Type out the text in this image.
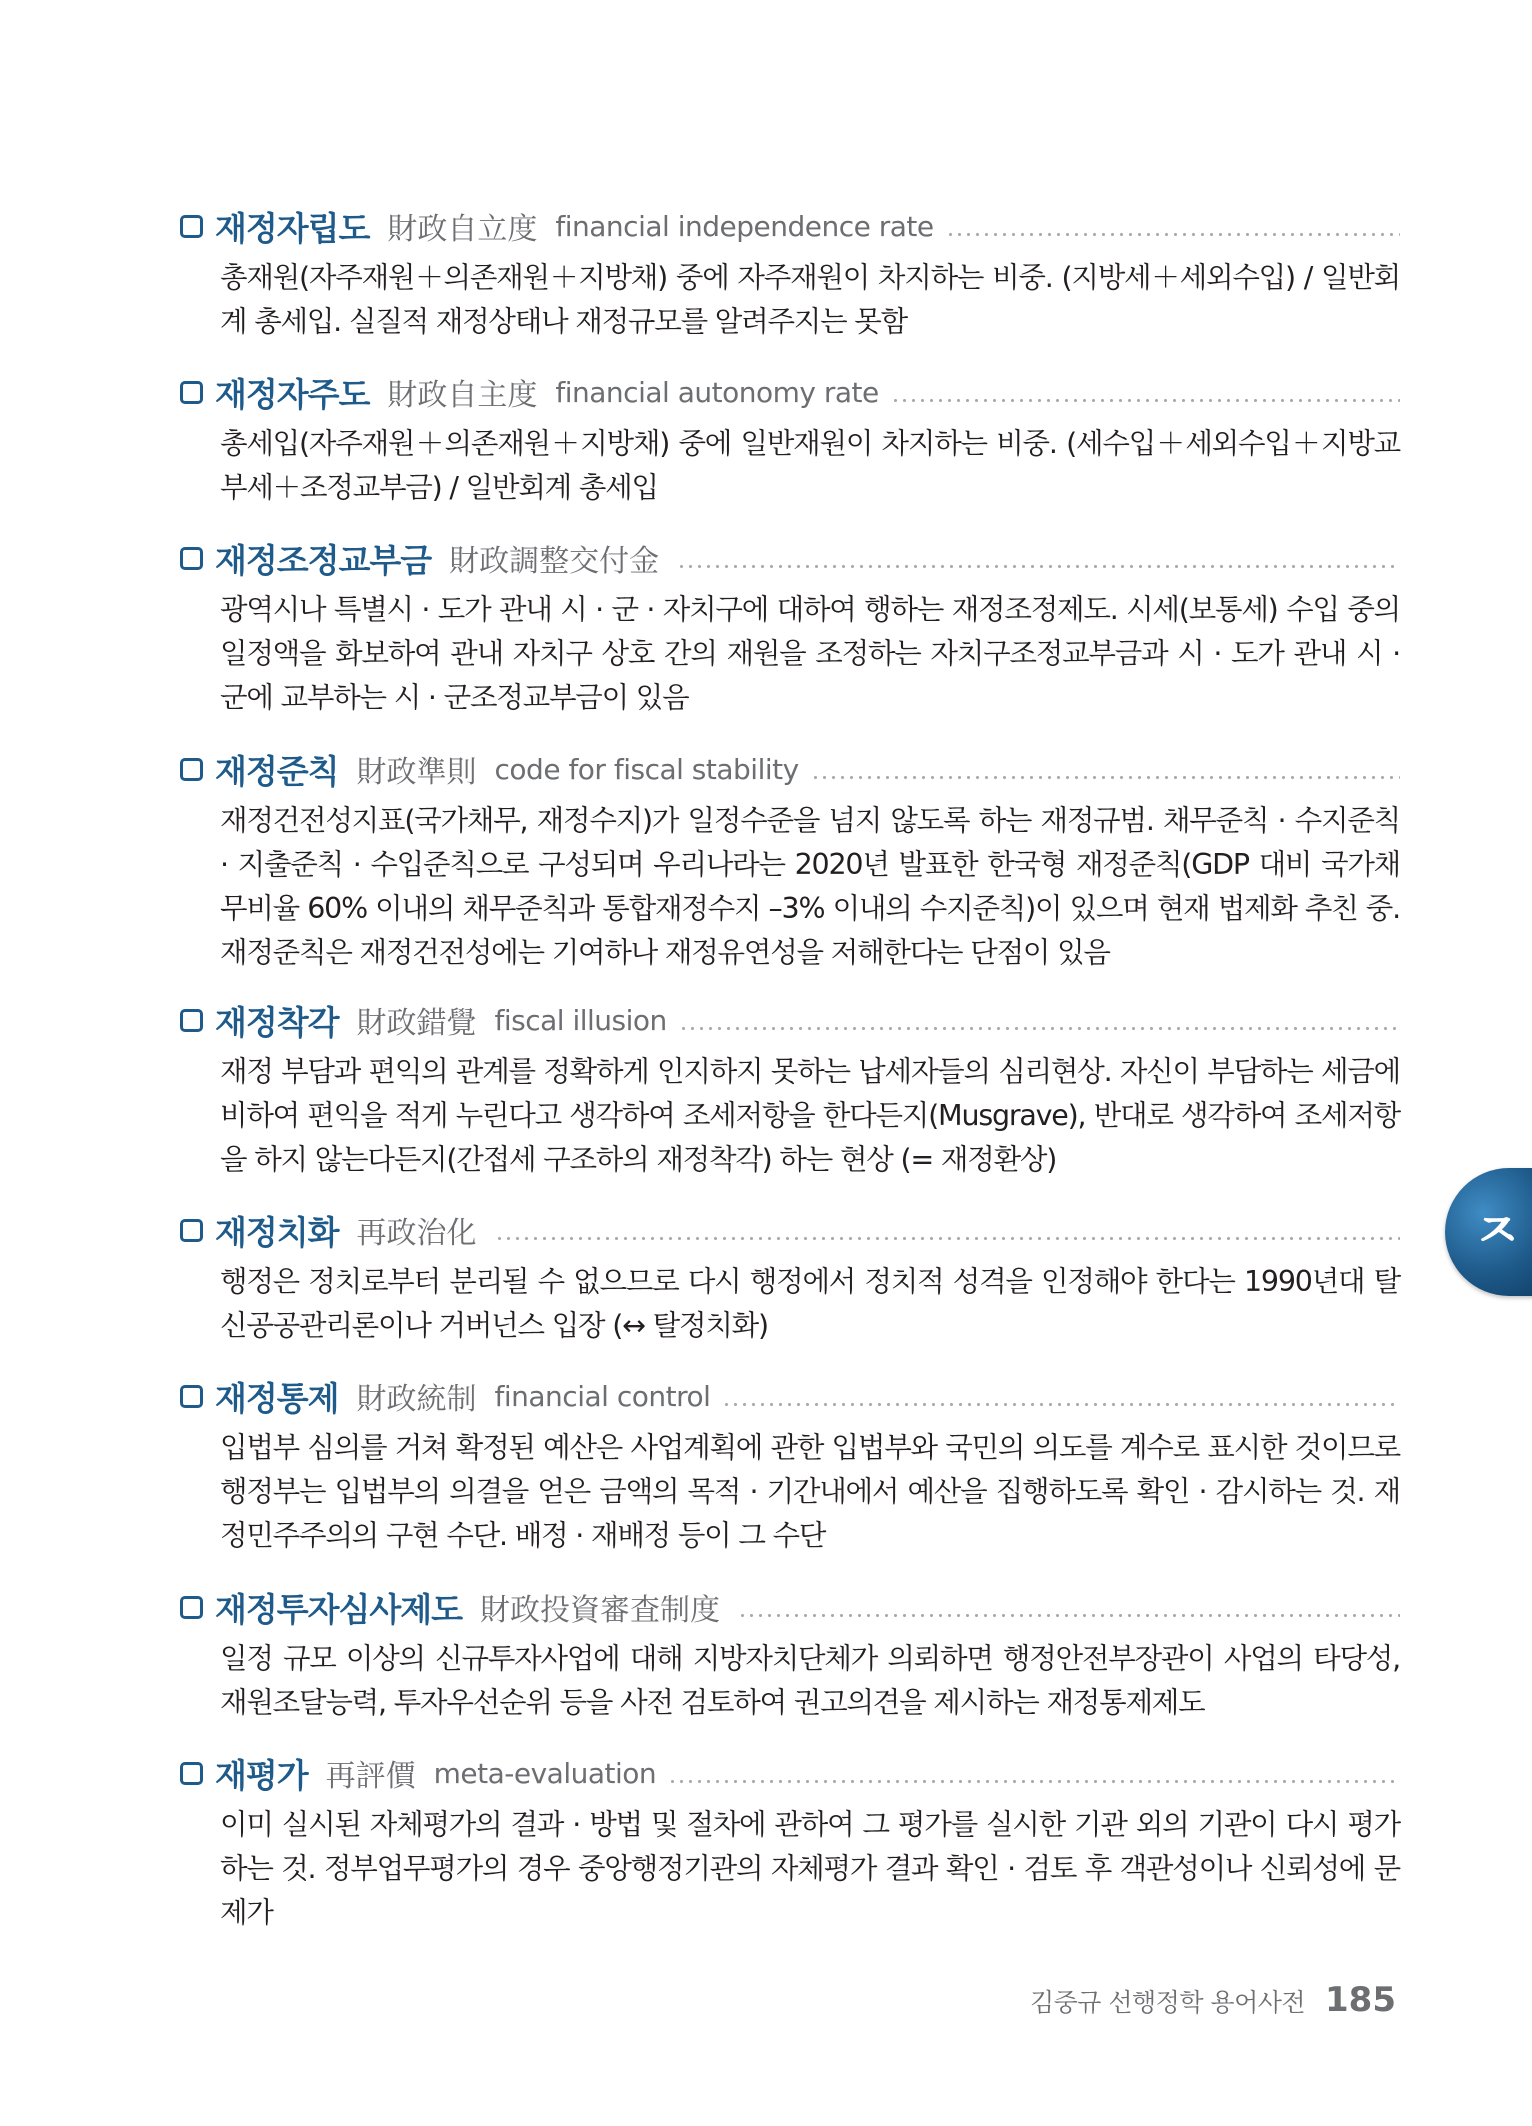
재정자립도 財政自立度 financial independence rate
총재원(자주재원＋의존재원＋지방채) 중에 자주재원이 차지하는 비중. (지방세＋세외수입) / 일반회계 총세입. 실질적 재정상태나 재정규모를 알려주지는 못함
재정자주도 財政自主度 financial autonomy rate
총세입(자주재원＋의존재원＋지방채) 중에 일반재원이 차지하는 비중. (세수입＋세외수입＋지방교부세＋조정교부금) / 일반회계 총세입
재정조정교부금 財政調整交付金
광역시나 특별시 · 도가 관내 시 · 군 · 자치구에 대하여 행하는 재정조정제도. 시세(보통세) 수입 중의 일정액을 화보하여 관내 자치구 상호 간의 재원을 조정하는 자치구조정교부금과 시 · 도가 관내 시 · 군에 교부하는 시 · 군조정교부금이 있음
재정준칙 財政準則 code for fiscal stability
재정건전성지표(국가채무, 재정수지)가 일정수준을 넘지 않도록 하는 재정규범. 채무준칙 · 수지준칙 · 지출준칙 · 수입준칙으로 구성되며 우리나라는 2020년 발표한 한국형 재정준칙(GDP 대비 국가채무비율 60% 이내의 채무준칙과 통합재정수지 –3% 이내의 수지준칙)이 있으며 현재 법제화 추친 중. 재정준칙은 재정건전성에는 기여하나 재정유연성을 저해한다는 단점이 있음
재정착각 財政錯覺 fiscal illusion
재정 부담과 편익의 관계를 정확하게 인지하지 못하는 납세자들의 심리현상. 자신이 부담하는 세금에 비하여 편익을 적게 누린다고 생각하여 조세저항을 한다든지(Musgrave), 반대로 생각하여 조세저항을 하지 않는다든지(간접세 구조하의 재정착각) 하는 현상 (= 재정환상)
재정치화 再政治化
행정은 정치로부터 분리될 수 없으므로 다시 행정에서 정치적 성격을 인정해야 한다는 1990년대 탈신공공관리론이나 거버넌스 입장 (↔ 탈정치화)
재정통제 財政統制 financial control
입법부 심의를 거쳐 확정된 예산은 사업계획에 관한 입법부와 국민의 의도를 계수로 표시한 것이므로 행정부는 입법부의 의결을 얻은 금액의 목적 · 기간내에서 예산을 집행하도록 확인 · 감시하는 것. 재정민주주의의 구현 수단. 배정 · 재배정 등이 그 수단
재정투자심사제도 財政投資審査制度
일정 규모 이상의 신규투자사업에 대해 지방자치단체가 의뢰하면 행정안전부장관이 사업의 타당성, 재원조달능력, 투자우선순위 등을 사전 검토하여 권고의견을 제시하는 재정통제제도
재평가 再評價 meta-evaluation
이미 실시된 자체평가의 결과 · 방법 및 절차에 관하여 그 평가를 실시한 기관 외의 기관이 다시 평가하는 것. 정부업무평가의 경우 중앙행정기관의 자체평가 결과 확인 · 검토 후 객관성이나 신뢰성에 문제가
ㅈ
김중규 선행정학 용어사전 185
